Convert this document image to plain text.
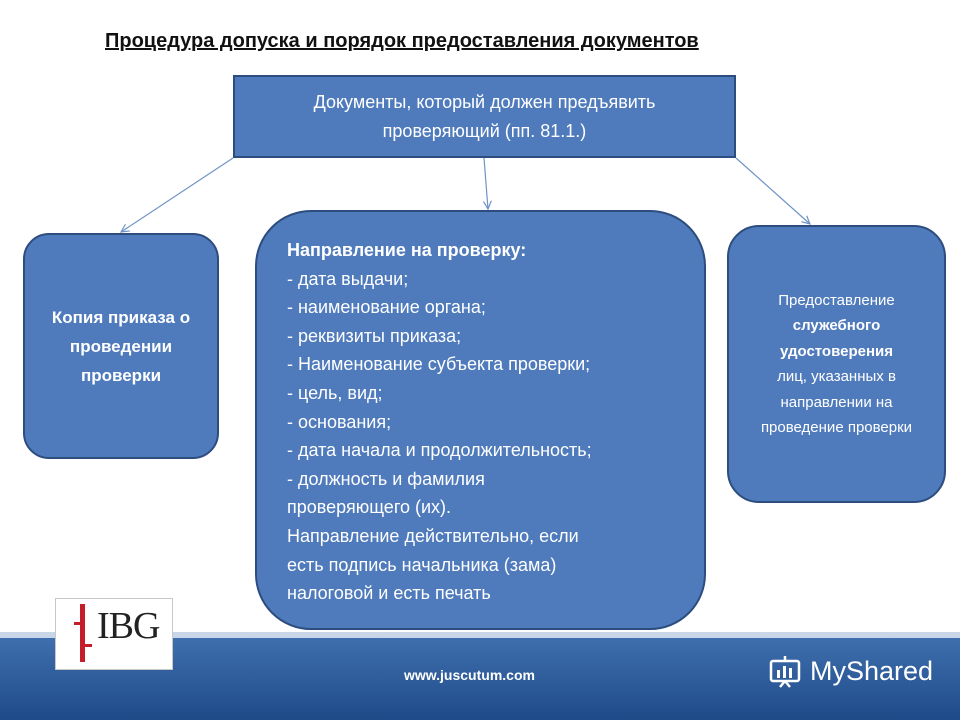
Процедура допуска и порядок предоставления документов
Документы, который должен предъявить
проверяющий (пп. 81.1.)
Копия приказа о проведении проверки
Направление на проверку:
- дата выдачи;
- наименование органа;
- реквизиты приказа;
- Наименование субъекта проверки;
- цель, вид;
- основания;
- дата начала и продолжительность;
- должность и фамилия
проверяющего (их).
Направление действительно, если
есть подпись начальника (зама)
налоговой и есть печать
Предоставление
служебного удостоверения
лиц, указанных в направлении на проведение проверки
IBG
www.juscutum.com	MyShared
